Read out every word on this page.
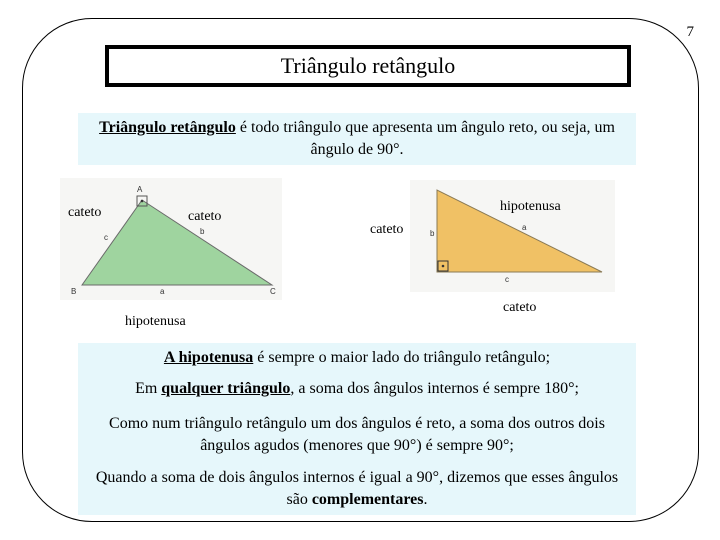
7
Triângulo retângulo
Triângulo retângulo é todo triângulo que apresenta um ângulo reto, ou seja, um ângulo de 90°.
A
B	C
a
b
c
cateto	cateto
hipotenusa
b
a
c
hipotenusa
cateto
cateto
A hipotenusa é sempre o maior lado do triângulo retângulo;
Em qualquer triângulo, a soma dos ângulos internos é sempre 180°;
Como num triângulo retângulo um dos ângulos é reto, a soma dos outros dois ângulos agudos (menores que 90°) é sempre 90°;
Quando a soma de dois ângulos internos é igual a 90°, dizemos que esses ângulos são complementares.
